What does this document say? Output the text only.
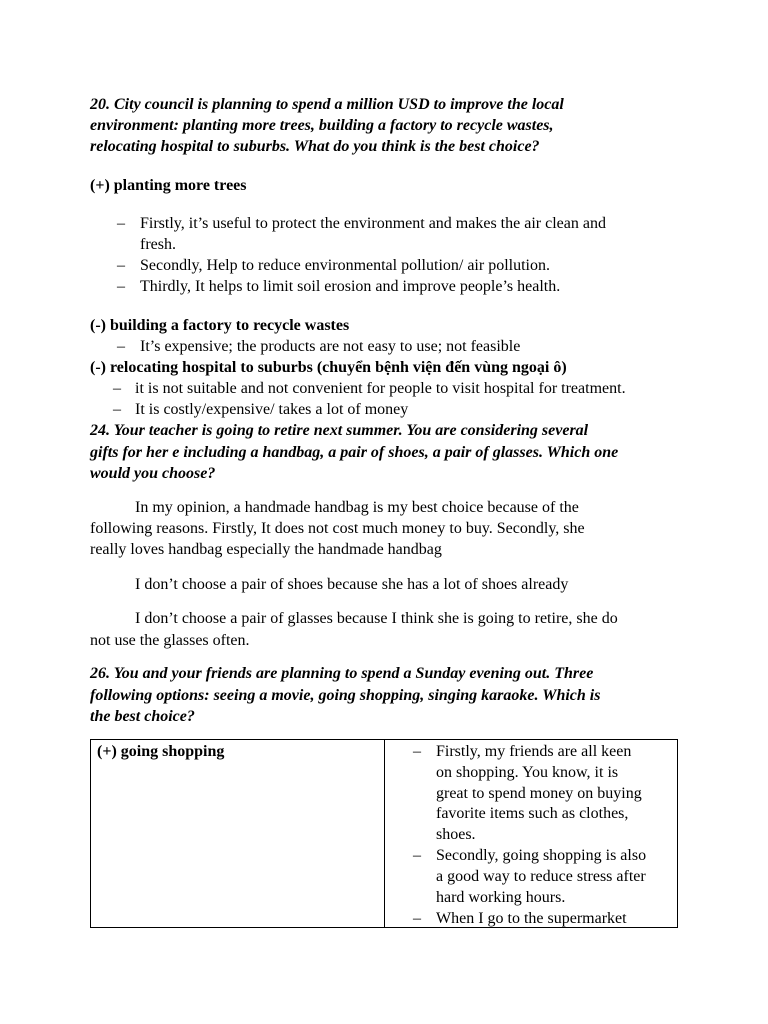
20. City council is planning to spend a million USD to improve the local
environment: planting more trees, building a factory to recycle wastes,
relocating hospital to suburbs. What do you think is the best choice?
(+) planting more trees
– Firstly, it’s useful to protect the environment and makes the air clean and
fresh.
– Secondly, Help to reduce environmental pollution/ air pollution.
– Thirdly, It helps to limit soil erosion and improve people’s health.
(-) building a factory to recycle wastes
– It’s expensive; the products are not easy to use; not feasible
(-) relocating hospital to suburbs (chuyển bệnh viện đến vùng ngoại ô)
– it is not suitable and not convenient for people to visit hospital for treatment.
– It is costly/expensive/ takes a lot of money
24. Your teacher is going to retire next summer. You are considering several
gifts for her e including a handbag, a pair of shoes, a pair of glasses. Which one
would you choose?
In my opinion, a handmade handbag is my best choice because of the
following reasons. Firstly, It does not cost much money to buy. Secondly, she
really loves handbag especially the handmade handbag
I don’t choose a pair of shoes because she has a lot of shoes already
I don’t choose a pair of glasses because I think she is going to retire, she do
not use the glasses often.
26. You and your friends are planning to spend a Sunday evening out. Three
following options: seeing a movie, going shopping, singing karaoke. Which is
the best choice?
(+) going shopping	– Firstly, my friends are all keen
on shopping. You know, it is
great to spend money on buying
favorite items such as clothes,
shoes.
– Secondly, going shopping is also
a good way to reduce stress after
hard working hours.
– When I go to the supermarket
